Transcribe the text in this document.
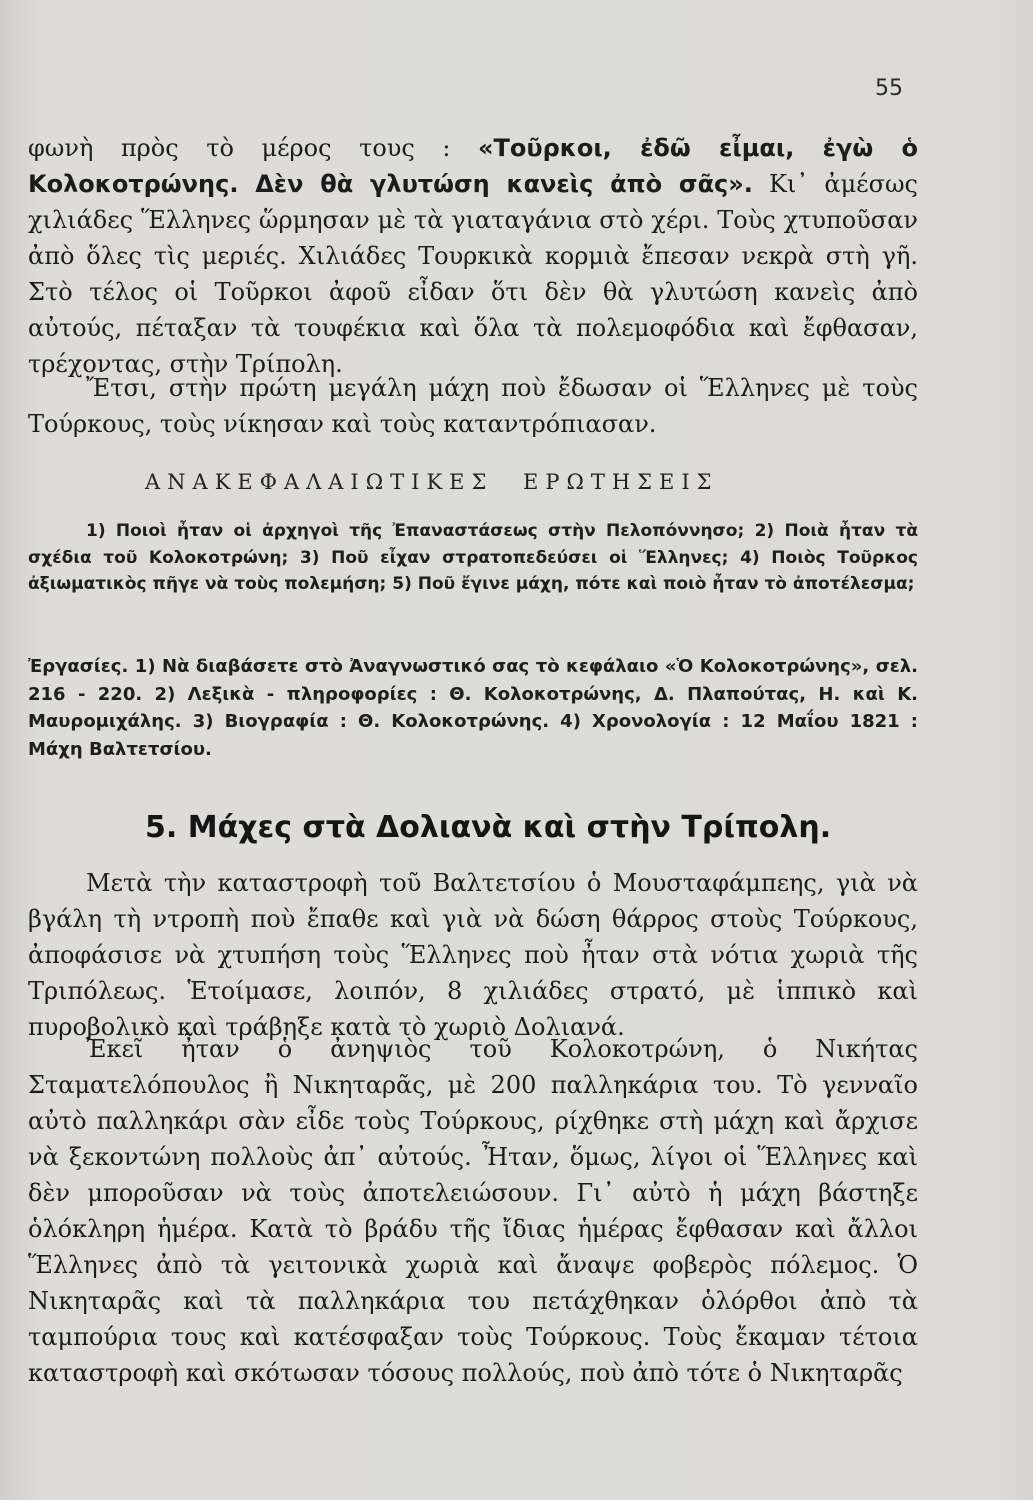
55

φωνὴ πρὸς τὸ μέρος τους : «Τοῦρκοι, ἐδῶ εἶμαι, ἐγὼ ὁ Κολοκοτρώνης. Δὲν θὰ γλυτώση κανεὶς ἀπὸ σᾶς». Κι᾿ ἀμέσως χιλιάδες Ἕλληνες ὥρμησαν μὲ τὰ γιαταγάνια στὸ χέρι. Τοὺς χτυποῦσαν ἀπὸ ὅλες τὶς μεριές. Χιλιάδες Τουρκικὰ κορμιὰ ἔπεσαν νεκρὰ στὴ γῆ. Στὸ τέλος οἱ Τοῦρκοι ἀφοῦ εἶδαν ὅτι δὲν θὰ γλυτώση κανεὶς ἀπὸ αὐτούς, πέταξαν τὰ τουφέκια καὶ ὅλα τὰ πολεμοφόδια καὶ ἔφθασαν, τρέχοντας, στὴν Τρίπολη.

Ἔτσι, στὴν πρώτη μεγάλη μάχη ποὺ ἔδωσαν οἱ Ἕλληνες μὲ τοὺς Τούρκους, τοὺς νίκησαν καὶ τοὺς καταντρόπιασαν.

ΑΝΑΚΕΦΑΛΑΙΩΤΙΚΕΣ ΕΡΩΤΗΣΕΙΣ

1) Ποιοὶ ἦταν οἱ ἀρχηγοὶ τῆς Ἐπαναστάσεως στὴν Πελοπόννησο; 2) Ποιὰ ἦταν τὰ σχέδια τοῦ Κολοκοτρώνη; 3) Ποῦ εἶχαν στρατοπεδεύσει οἱ Ἕλληνες; 4) Ποιὸς Τοῦρκος ἀξιωματικὸς πῆγε νὰ τοὺς πολεμήση; 5) Ποῦ ἔγινε μάχη, πότε καὶ ποιὸ ἦταν τὸ ἀποτέλεσμα;

Ἐργασίες. 1) Νὰ διαβάσετε στὸ Ἀναγνωστικό σας τὸ κεφάλαιο «Ὁ Κολοκοτρώνης», σελ. 216 - 220. 2) Λεξικὰ - πληροφορίες : Θ. Κολοκοτρώνης, Δ. Πλαπούτας, Η. καὶ Κ. Μαυρομιχάλης. 3) Βιογραφία : Θ. Κολοκοτρώνης. 4) Χρονολογία : 12 Μαΐου 1821 : Μάχη Βαλτετσίου.

5. Μάχες στὰ Δολιανὰ καὶ στὴν Τρίπολη.

Μετὰ τὴν καταστροφὴ τοῦ Βαλτετσίου ὁ Μουσταφάμπεης, γιὰ νὰ βγάλη τὴ ντροπὴ ποὺ ἔπαθε καὶ γιὰ νὰ δώση θάρρος στοὺς Τούρκους, ἀποφάσισε νὰ χτυπήση τοὺς Ἕλληνες ποὺ ἦταν στὰ νότια χωριὰ τῆς Τριπόλεως. Ἑτοίμασε, λοιπόν, 8 χιλιάδες στρατό, μὲ ἱππικὸ καὶ πυροβολικὸ καὶ τράβηξε κατὰ τὸ χωριὸ Δολιανά.

Ἐκεῖ ἦταν ὁ ἀνηψιὸς τοῦ Κολοκοτρώνη, ὁ Νικήτας Σταματελόπουλος ἢ Νικηταρᾶς, μὲ 200 παλληκάρια του. Τὸ γενναῖο αὐτὸ παλληκάρι σὰν εἶδε τοὺς Τούρκους, ρίχθηκε στὴ μάχη καὶ ἄρχισε νὰ ξεκοντώνη πολλοὺς ἀπ᾿ αὐτούς. Ἦταν, ὅμως, λίγοι οἱ Ἕλληνες καὶ δὲν μποροῦσαν νὰ τοὺς ἀποτελειώσουν. Γι᾿ αὐτὸ ἡ μάχη βάστηξε ὁλόκληρη ἡμέρα. Κατὰ τὸ βράδυ τῆς ἴδιας ἡμέρας ἔφθασαν καὶ ἄλλοι Ἕλληνες ἀπὸ τὰ γειτονικὰ χωριὰ καὶ ἄναψε φοβερὸς πόλεμος. Ὁ Νικηταρᾶς καὶ τὰ παλληκάρια του πετάχθηκαν ὁλόρθοι ἀπὸ τὰ ταμπούρια τους καὶ κατέσφαξαν τοὺς Τούρκους. Τοὺς ἔκαμαν τέτοια καταστροφὴ καὶ σκότωσαν τόσους πολλούς, ποὺ ἀπὸ τότε ὁ Νικηταρᾶς
